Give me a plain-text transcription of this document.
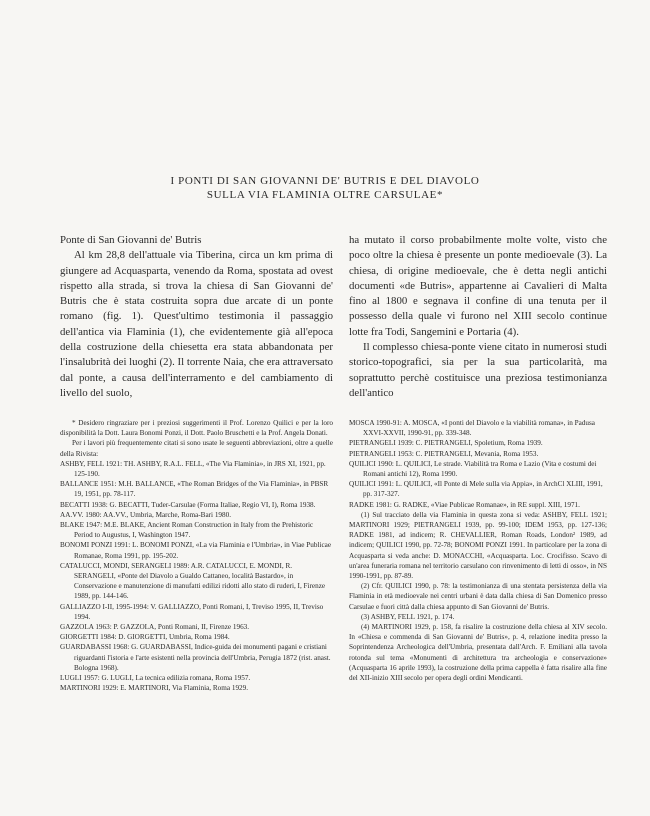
I PONTI DI SAN GIOVANNI DE' BUTRIS E DEL DIAVOLO
SULLA VIA FLAMINIA OLTRE CARSULAE*

Ponte di San Giovanni de' Butris

Al km 28,8 dell'attuale via Tiberina, circa un km prima di giungere ad Acquasparta, venendo da Roma, spostata ad ovest rispetto alla strada, si trova la chiesa di San Giovanni de' Butris che è stata costruita sopra due arcate di un ponte romano (fig. 1). Quest'ultimo testimonia il passaggio dell'antica via Flaminia (1), che evidentemente già all'epoca della costruzione della chiesetta era stata abbandonata per l'insalubrità dei luoghi (2). Il torrente Naia, che era attraversato dal ponte, a causa dell'interramento e del cambiamento di livello del suolo,

ha mutato il corso probabilmente molte volte, visto che poco oltre la chiesa è presente un ponte medioevale (3). La chiesa, di origine medioevale, che è detta negli antichi documenti «de Butris», appartenne ai Cavalieri di Malta fino al 1800 e segnava il confine di una tenuta per il possesso della quale vi furono nel XIII secolo continue lotte fra Todi, Sangemini e Portaria (4).

Il complesso chiesa-ponte viene citato in numerosi studi storico-topografici, sia per la sua particolarità, ma soprattutto perchè costituisce una preziosa testimonianza dell'antico

* Desidero ringraziare per i preziosi suggerimenti il Prof. Lorenzo Quilici e per la loro disponibilità la Dott. Laura Bonomi Ponzi, il Dott. Paolo Bruschetti e la Prof. Angela Donati.

Per i lavori più frequentemente citati si sono usate le seguenti abbreviazioni, oltre a quelle della Rivista:

ASHBY, FELL 1921: TH. ASHBY, R.A.L. FELL, «The Via Flaminia», in JRS XI, 1921, pp. 125-190.

BALLANCE 1951: M.H. BALLANCE, «The Roman Bridges of the Via Flaminia», in PBSR 19, 1951, pp. 78-117.

BECATTI 1938: G. BECATTI, Tuder-Carsulae (Forma Italiae, Regio VI, I), Roma 1938.

AA.VV. 1980: AA.VV., Umbria, Marche, Roma-Bari 1980.

BLAKE 1947: M.E. BLAKE, Ancient Roman Construction in Italy from the Prehistoric Period to Augustus, I, Washington 1947.

BONOMI PONZI 1991: L. BONOMI PONZI, «La via Flaminia e l'Umbria», in Viae Publicae Romanae, Roma 1991, pp. 195-202.

CATALUCCI, MONDI, SERANGELI 1989: A.R. CATALUCCI, E. MONDI, R. SERANGELI, «Ponte del Diavolo a Gualdo Cattaneo, località Bastardo», in Conservazione e manutenzione di manufatti edilizi ridotti allo stato di ruderi, I, Firenze 1989, pp. 144-146.

GALLIAZZO I-II, 1995-1994: V. GALLIAZZO, Ponti Romani, I, Treviso 1995, II, Treviso 1994.

GAZZOLA 1963: P. GAZZOLA, Ponti Romani, II, Firenze 1963.

GIORGETTI 1984: D. GIORGETTI, Umbria, Roma 1984.

GUARDABASSI 1968: G. GUARDABASSI, Indice-guida dei monumenti pagani e cristiani riguardanti l'istoria e l'arte esistenti nella provincia dell'Umbria, Perugia 1872 (rist. anast. Bologna 1968).

LUGLI 1957: G. LUGLI, La tecnica edilizia romana, Roma 1957.

MARTINORI 1929: E. MARTINORI, Via Flaminia, Roma 1929.

MOSCA 1990-91: A. MOSCA, «I ponti del Diavolo e la viabilità romana», in Padusa XXVI-XXVII, 1990-91, pp. 339-348.

PIETRANGELI 1939: C. PIETRANGELI, Spoletium, Roma 1939.

PIETRANGELI 1953: C. PIETRANGELI, Mevania, Roma 1953.

QUILICI 1990: L. QUILICI, Le strade. Viabilità tra Roma e Lazio (Vita e costumi dei Romani antichi 12), Roma 1990.

QUILICI 1991: L. QUILICI, «Il Ponte di Mele sulla via Appia», in ArchCl XLIII, 1991, pp. 317-327.

RADKE 1981: G. RADKE, «Viae Publicae Romanae», in RE suppl. XIII, 1971.

(1) Sul tracciato della via Flaminia in questa zona si veda: ASHBY, FELL 1921; MARTINORI 1929; PIETRANGELI 1939, pp. 99-100; IDEM 1953, pp. 127-136; RADKE 1981, ad indicem; R. CHEVALLIER, Roman Roads, London² 1989, ad indicem; QUILICI 1990, pp. 72-78; BONOMI PONZI 1991. In particolare per la zona di Acquasparta si veda anche: D. MONACCHI, «Acquasparta. Loc. Crocifisso. Scavo di un'area funeraria romana nel territorio carsulano con rinvenimento di letti di osso», in NS 1990-1991, pp. 87-89.

(2) Cfr. QUILICI 1990, p. 78: la testimonianza di una stentata persistenza della via Flaminia in età medioevale nei centri urbani è data dalla chiesa di San Domenico presso Carsulae e fuori città dalla chiesa appunto di San Giovanni de' Butris.

(3) ASHBY, FELL 1921, p. 174.

(4) MARTINORI 1929, p. 158, fa risalire la costruzione della chiesa al XIV secolo. In «Chiesa e commenda di San Giovanni de' Butris», p. 4, relazione inedita presso la Soprintendenza Archeologica dell'Umbria, presentata dall'Arch. F. Emiliani alla tavola rotonda sul tema «Monumenti di architettura tra archeologia e conservazione» (Acquasparta 16 aprile 1993), la costruzione della prima cappella è fatta risalire alla fine del XII-inizio XIII secolo per opera degli ordini Mendicanti.
